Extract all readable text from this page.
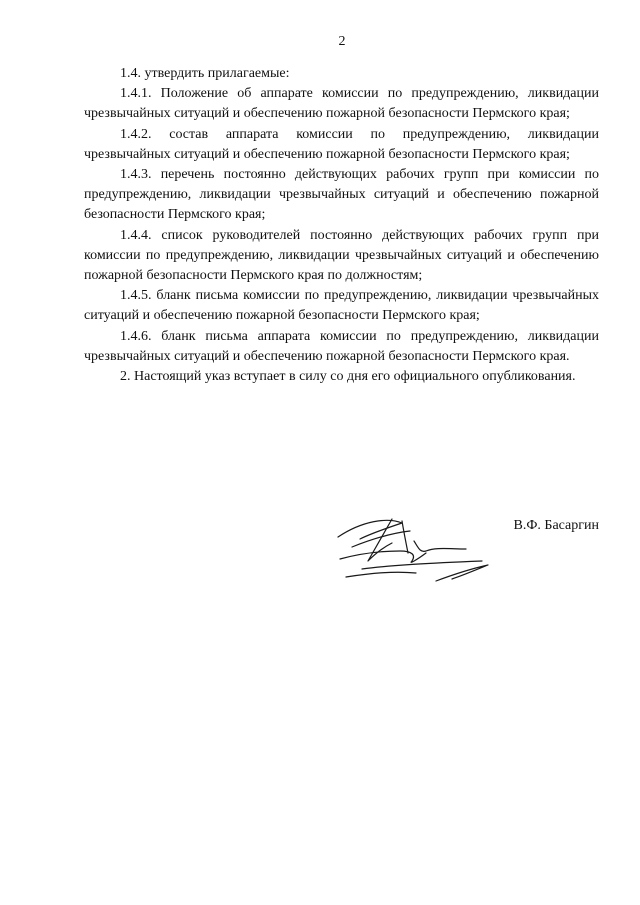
2

1.4. утвердить прилагаемые:

1.4.1. Положение об аппарате комиссии по предупреждению, ликвидации чрезвычайных ситуаций и обеспечению пожарной безопасности Пермского края;

1.4.2. состав аппарата комиссии по предупреждению, ликвидации чрезвычайных ситуаций и обеспечению пожарной безопасности Пермского края;

1.4.3. перечень постоянно действующих рабочих групп при комиссии по предупреждению, ликвидации чрезвычайных ситуаций и обеспечению пожарной безопасности Пермского края;

1.4.4. список руководителей постоянно действующих рабочих групп при комиссии по предупреждению, ликвидации чрезвычайных ситуаций и обеспечению пожарной безопасности Пермского края по должностям;

1.4.5. бланк письма комиссии по предупреждению, ликвидации чрезвычайных ситуаций и обеспечению пожарной безопасности Пермского края;

1.4.6. бланк письма аппарата комиссии по предупреждению, ликвидации чрезвычайных ситуаций и обеспечению пожарной безопасности Пермского края.

2. Настоящий указ вступает в силу со дня его официального опубликования.

В.Ф. Басаргин
